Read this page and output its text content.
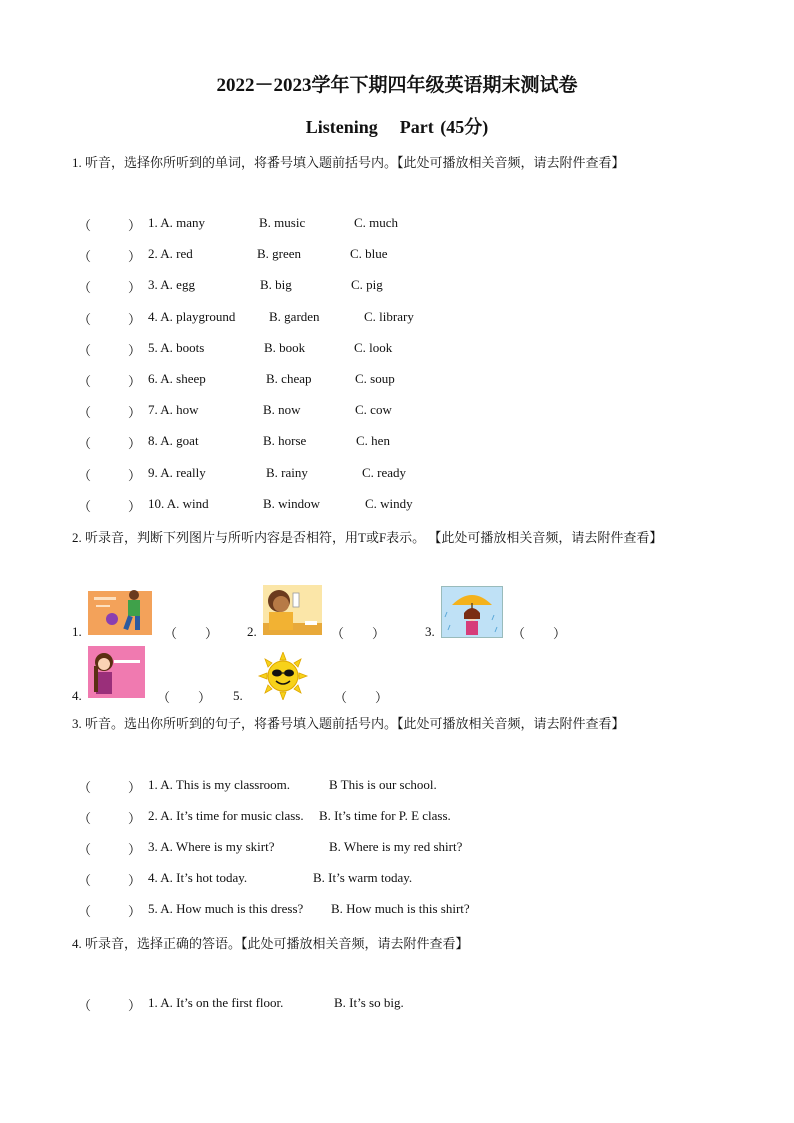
2022－2023学年下期四年级英语期末测试卷
Listening Part (45分)
1. 听音，选择你所听到的单词，将番号填入题前括号内。【此处可播放相关音频，请去附件查看】
（	） 1. A. many	B. music	C. much
（	） 2. A. red	B. green	C. blue
（	） 3. A. egg	B. big	C. pig
（	） 4. A. playground	B. garden	C. library
（	） 5. A. boots	B. book	C. look
（	） 6. A. sheep	B. cheap	C. soup
（	） 7. A. how	B. now	C. cow
（	） 8. A. goat	B. horse	C. hen
（	） 9. A. really	B. rainy	C. ready
（	） 10. A. wind	B. window	C. windy
2. 听录音，判断下列图片与所听内容是否相符，用T或F表示。 【此处可播放相关音频，请去附件查看】
1.	（ ） 2.	（ ）	3.	（ ）
4.	（ ） 5.	（ ）
3. 听音。选出你所听到的句子，将番号填入题前括号内。【此处可播放相关音频，请去附件查看】
（	） 1. A. This is my classroom.	B This is our school.
（	） 2. A. It’s time for music class. B. It’s time for P. E class.
（	） 3. A. Where is my skirt?	B. Where is my red shirt?
（	） 4. A. It’s hot today.	B. It’s warm today.
（	） 5. A. How much is this dress? B. How much is this shirt?
4. 听录音，选择正确的答语。【此处可播放相关音频，请去附件查看】
（	） 1. A. It’s on the first floor.	B. It’s so big.
